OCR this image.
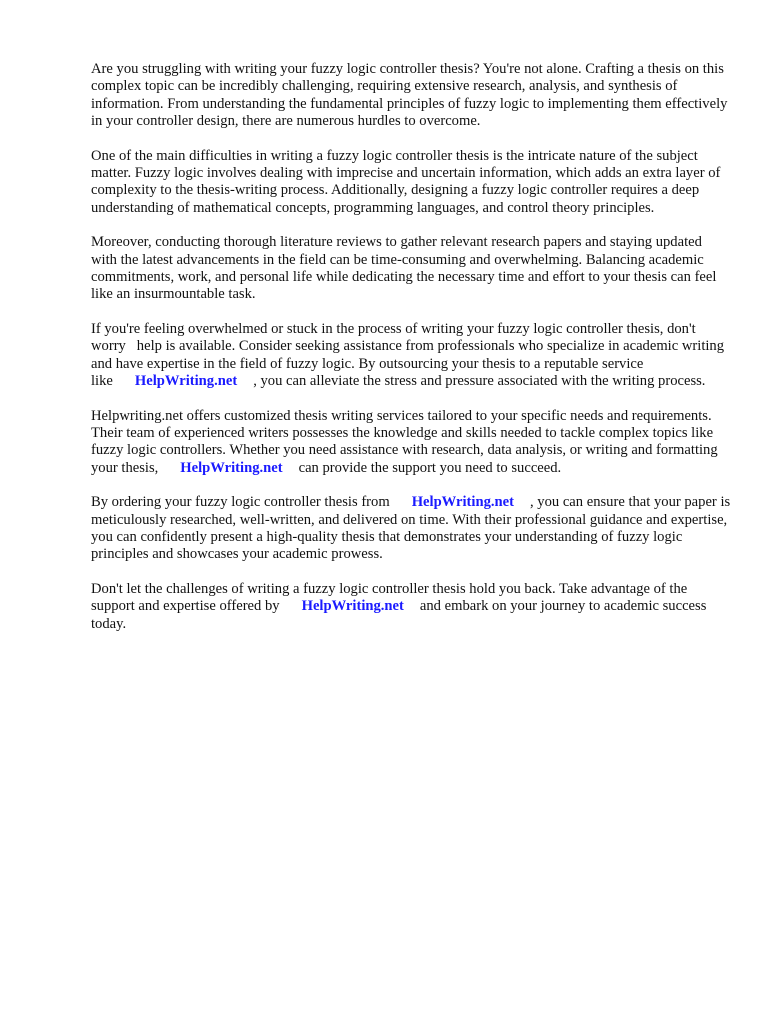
Are you struggling with writing your fuzzy logic controller thesis? You're not alone. Crafting a thesis on this complex topic can be incredibly challenging, requiring extensive research, analysis, and synthesis of information. From understanding the fundamental principles of fuzzy logic to implementing them effectively in your controller design, there are numerous hurdles to overcome.

One of the main difficulties in writing a fuzzy logic controller thesis is the intricate nature of the subject matter. Fuzzy logic involves dealing with imprecise and uncertain information, which adds an extra layer of complexity to the thesis-writing process. Additionally, designing a fuzzy logic controller requires a deep understanding of mathematical concepts, programming languages, and control theory principles.

Moreover, conducting thorough literature reviews to gather relevant research papers and staying updated with the latest advancements in the field can be time-consuming and overwhelming. Balancing academic commitments, work, and personal life while dedicating the necessary time and effort to your thesis can feel like an insurmountable task.

If you're feeling overwhelmed or stuck in the process of writing your fuzzy logic controller thesis, don't worry   help is available. Consider seeking assistance from professionals who specialize in academic writing and have expertise in the field of fuzzy logic. By outsourcing your thesis to a reputable service like HelpWriting.net , you can alleviate the stress and pressure associated with the writing process.

Helpwriting.net offers customized thesis writing services tailored to your specific needs and requirements. Their team of experienced writers possesses the knowledge and skills needed to tackle complex topics like fuzzy logic controllers. Whether you need assistance with research, data analysis, or writing and formatting your thesis, HelpWriting.net can provide the support you need to succeed.

By ordering your fuzzy logic controller thesis from HelpWriting.net , you can ensure that your paper is meticulously researched, well-written, and delivered on time. With their professional guidance and expertise, you can confidently present a high-quality thesis that demonstrates your understanding of fuzzy logic principles and showcases your academic prowess.

Don't let the challenges of writing a fuzzy logic controller thesis hold you back. Take advantage of the support and expertise offered by HelpWriting.net and embark on your journey to academic success today.
